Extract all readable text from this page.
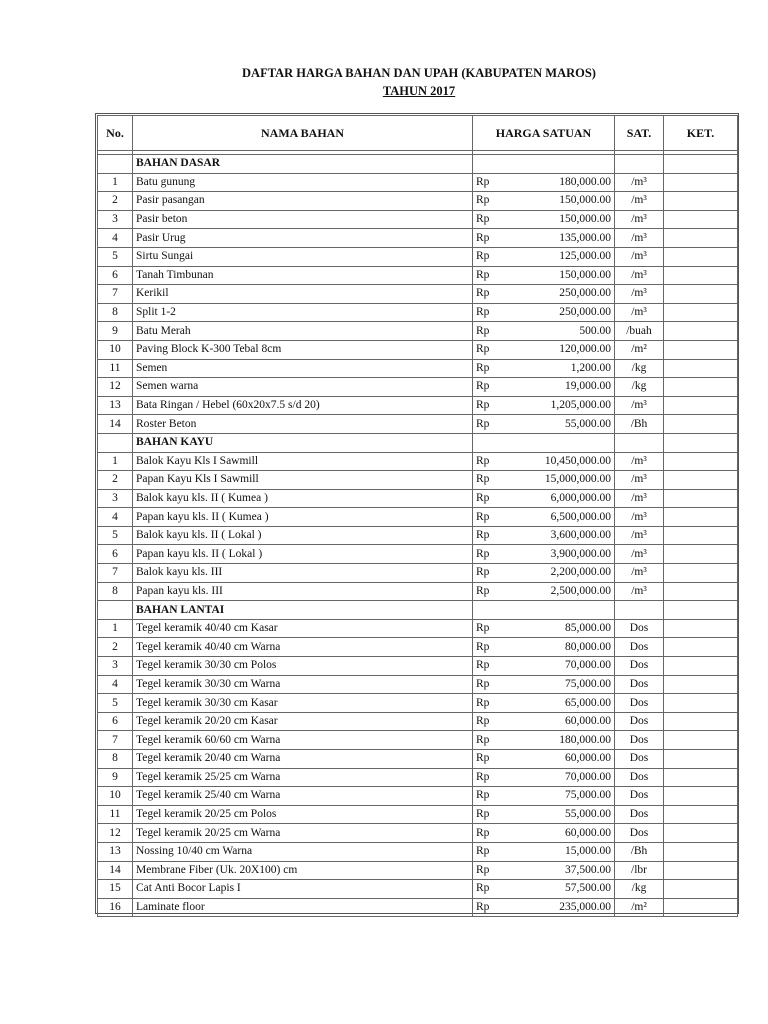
DAFTAR HARGA BAHAN DAN UPAH (KABUPATEN MAROS)
TAHUN 2017
No.	NAMA BAHAN	HARGA SATUAN	SAT.	KET.

	BAHAN DASAR			
1	Batu gunung	Rp 180,000.00	/m³	
2	Pasir pasangan	Rp 150,000.00	/m³	
3	Pasir beton	Rp 150,000.00	/m³	
4	Pasir Urug	Rp 135,000.00	/m³	
5	Sirtu Sungai	Rp 125,000.00	/m³	
6	Tanah Timbunan	Rp 150,000.00	/m³	
7	Kerikil	Rp 250,000.00	/m³	
8	Split 1-2	Rp 250,000.00	/m³	
9	Batu Merah	Rp 500.00	/buah	
10	Paving Block K-300 Tebal 8cm	Rp 120,000.00	/m²	
11	Semen	Rp 1,200.00	/kg	
12	Semen warna	Rp 19,000.00	/kg	
13	Bata Ringan / Hebel (60x20x7.5 s/d 20)	Rp 1,205,000.00	/m³	
14	Roster Beton	Rp 55,000.00	/Bh	
	BAHAN KAYU			
1	Balok Kayu Kls I Sawmill	Rp 10,450,000.00	/m³	
2	Papan Kayu Kls I Sawmill	Rp 15,000,000.00	/m³	
3	Balok kayu kls. II ( Kumea )	Rp 6,000,000.00	/m³	
4	Papan kayu kls. II ( Kumea )	Rp 6,500,000.00	/m³	
5	Balok kayu kls. II ( Lokal )	Rp 3,600,000.00	/m³	
6	Papan kayu kls. II ( Lokal )	Rp 3,900,000.00	/m³	
7	Balok kayu kls. III	Rp 2,200,000.00	/m³	
8	Papan kayu kls. III	Rp 2,500,000.00	/m³	
	BAHAN LANTAI			
1	Tegel keramik 40/40 cm Kasar	Rp 85,000.00	Dos	
2	Tegel keramik 40/40 cm Warna	Rp 80,000.00	Dos	
3	Tegel keramik 30/30 cm Polos	Rp 70,000.00	Dos	
4	Tegel keramik 30/30 cm Warna	Rp 75,000.00	Dos	
5	Tegel keramik 30/30 cm Kasar	Rp 65,000.00	Dos	
6	Tegel keramik 20/20 cm Kasar	Rp 60,000.00	Dos	
7	Tegel keramik 60/60 cm Warna	Rp 180,000.00	Dos	
8	Tegel keramik 20/40 cm Warna	Rp 60,000.00	Dos	
9	Tegel keramik 25/25 cm Warna	Rp 70,000.00	Dos	
10	Tegel keramik 25/40 cm Warna	Rp 75,000.00	Dos	
11	Tegel keramik 20/25 cm Polos	Rp 55,000.00	Dos	
12	Tegel keramik 20/25 cm Warna	Rp 60,000.00	Dos	
13	Nossing 10/40 cm Warna	Rp 15,000.00	/Bh	
14	Membrane Fiber (Uk. 20X100) cm	Rp 37,500.00	/lbr	
15	Cat Anti Bocor Lapis I	Rp 57,500.00	/kg	
16	Laminate floor	Rp 235,000.00	/m²	
